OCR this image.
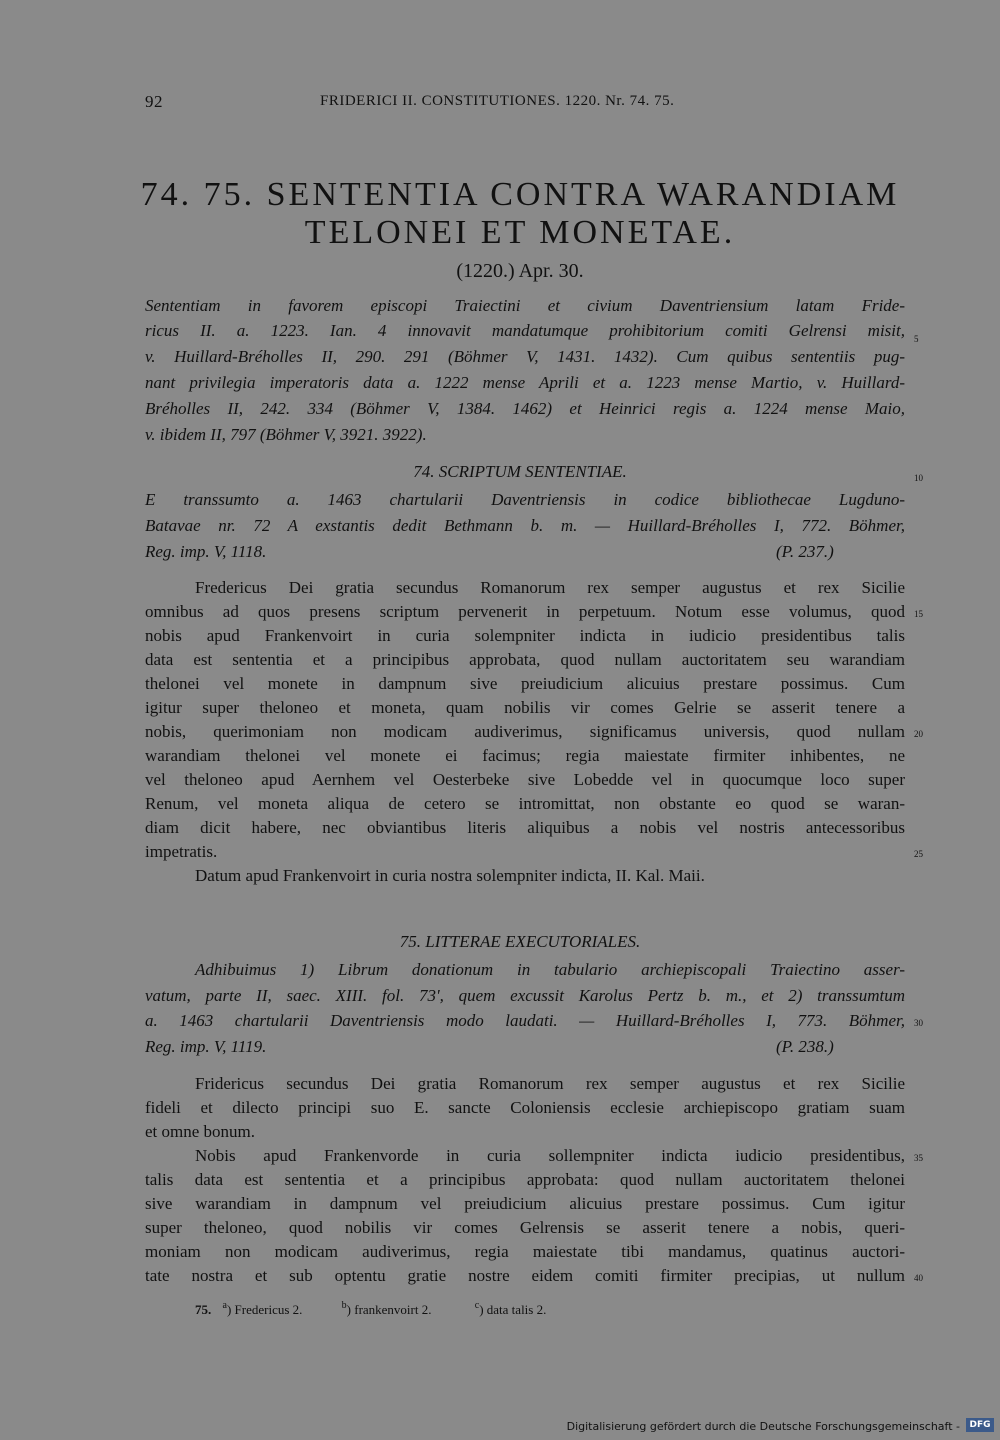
92	FRIDERICI II. CONSTITUTIONES. 1220. Nr. 74. 75.
74. 75. SENTENTIA CONTRA WARANDIAM
TELONEI ET MONETAE.
(1220.) Apr. 30.
Sententiam in favorem episcopi Traiectini et civium Daventriensium latam Fride-
ricus II. a. 1223. Ian. 4 innovavit mandatumque prohibitorium comiti Gelrensi misit,
v. Huillard-Bréholles II, 290. 291 (Böhmer V, 1431. 1432). Cum quibus sententiis pug-
nant privilegia imperatoris data a. 1222 mense Aprili et a. 1223 mense Martio, v. Huillard-
Bréholles II, 242. 334 (Böhmer V, 1384. 1462) et Heinrici regis a. 1224 mense Maio,
v. ibidem II, 797 (Böhmer V, 3921. 3922).
74. SCRIPTUM SENTENTIAE.
E transsumto a. 1463 chartularii Daventriensis in codice bibliothecae Lugduno-
Batavae nr. 72 A exstantis dedit Bethmann b. m. — Huillard-Bréholles I, 772. Böhmer,
Reg. imp. V, 1118.	(P. 237.)
Fredericus Dei gratia secundus Romanorum rex semper augustus et rex Sicilie
omnibus ad quos presens scriptum pervenerit in perpetuum. Notum esse volumus, quod
nobis apud Frankenvoirt in curia solempniter indicta in iudicio presidentibus talis
data est sententia et a principibus approbata, quod nullam auctoritatem seu warandiam
thelonei vel monete in dampnum sive preiudicium alicuius prestare possimus. Cum
igitur super theloneo et moneta, quam nobilis vir comes Gelrie se asserit tenere a
nobis, querimoniam non modicam audiverimus, significamus universis, quod nullam
warandiam thelonei vel monete ei facimus; regia maiestate firmiter inhibentes, ne
vel theloneo apud Aernhem vel Oesterbeke sive Lobedde vel in quocumque loco super
Renum, vel moneta aliqua de cetero se intromittat, non obstante eo quod se waran-
diam dicit habere, nec obviantibus literis aliquibus a nobis vel nostris antecessoribus
impetratis.
Datum apud Frankenvoirt in curia nostra solempniter indicta, II. Kal. Maii.
75. LITTERAE EXECUTORIALES.
Adhibuimus 1) Librum donationum in tabulario archiepiscopali Traiectino asser-
vatum, parte II, saec. XIII. fol. 73', quem excussit Karolus Pertz b. m., et 2) transsumtum
a. 1463 chartularii Daventriensis modo laudati. — Huillard-Bréholles I, 773. Böhmer,
Reg. imp. V, 1119.	(P. 238.)
Fridericus secundus Dei gratia Romanorum rex semper augustus et rex Sicilie
fideli et dilecto principi suo E. sancte Coloniensis ecclesie archiepiscopo gratiam suam
et omne bonum.
Nobis apud Frankenvorde in curia sollempniter indicta iudicio presidentibus,
talis data est sententia et a principibus approbata: quod nullam auctoritatem thelonei
sive warandiam in dampnum vel preiudicium alicuius prestare possimus. Cum igitur
super theloneo, quod nobilis vir comes Gelrensis se asserit tenere a nobis, queri-
moniam non modicam audiverimus, regia maiestate tibi mandamus, quatinus auctori-
tate nostra et sub optentu gratie nostre eidem comiti firmiter precipias, ut nullum
5
10
15
20
25
30
35
40
75. $^a$) Fredericus 2.	$^b$) frankenvoirt 2.	$^c$) data talis 2.
Digitalisierung gefördert durch die Deutsche Forschungsgemeinschaft -	DFG
